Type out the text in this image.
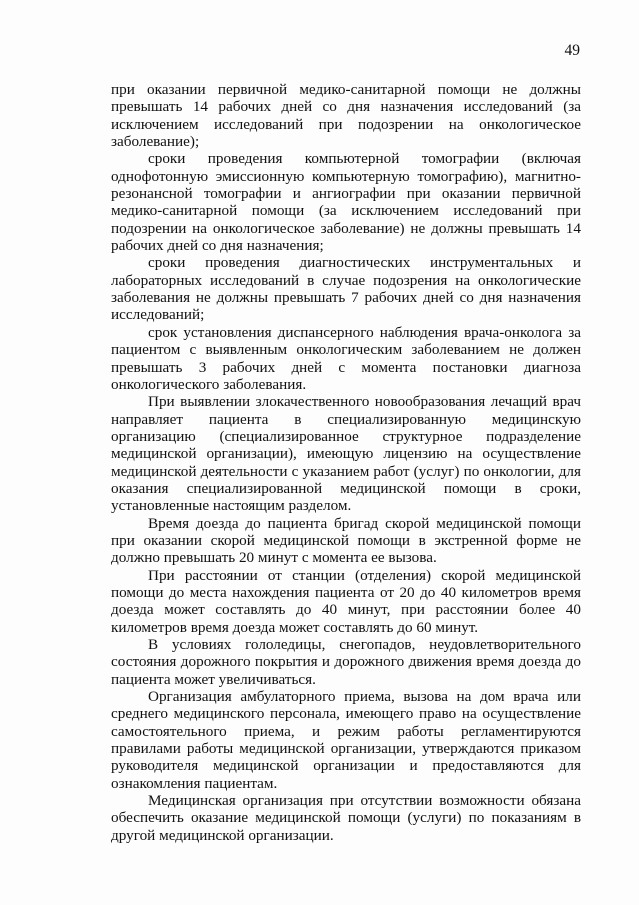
49

при оказании первичной медико-санитарной помощи не должны превышать 14 рабочих дней со дня назначения исследований (за исключением исследований при подозрении на онкологическое заболевание);

сроки проведения компьютерной томографии (включая однофотонную эмиссионную компьютерную томографию), магнитно-резонансной томографии и ангиографии при оказании первичной медико-санитарной помощи (за исключением исследований при подозрении на онкологическое заболевание) не должны превышать 14 рабочих дней со дня назначения;

сроки проведения диагностических инструментальных и лабораторных исследований в случае подозрения на онкологические заболевания не должны превышать 7 рабочих дней со дня назначения исследований;

срок установления диспансерного наблюдения врача-онколога за пациентом с выявленным онкологическим заболеванием не должен превышать 3 рабочих дней с момента постановки диагноза онкологического заболевания.

При выявлении злокачественного новообразования лечащий врач направляет пациента в специализированную медицинскую организацию (специализированное структурное подразделение медицинской организации), имеющую лицензию на осуществление медицинской деятельности с указанием работ (услуг) по онкологии, для оказания специализированной медицинской помощи в сроки, установленные настоящим разделом.

Время доезда до пациента бригад скорой медицинской помощи при оказании скорой медицинской помощи в экстренной форме не должно превышать 20 минут с момента ее вызова.

При расстоянии от станции (отделения) скорой медицинской помощи до места нахождения пациента от 20 до 40 километров время доезда может составлять до 40 минут, при расстоянии более 40 километров время доезда может составлять до 60 минут.

В условиях гололедицы, снегопадов, неудовлетворительного состояния дорожного покрытия и дорожного движения время доезда до пациента может увеличиваться.

Организация амбулаторного приема, вызова на дом врача или среднего медицинского персонала, имеющего право на осуществление самостоятельного приема, и режим работы регламентируются правилами работы медицинской организации, утверждаются приказом руководителя медицинской организации и предоставляются для ознакомления пациентам.

Медицинская организация при отсутствии возможности обязана обеспечить оказание медицинской помощи (услуги) по показаниям в другой медицинской организации.
